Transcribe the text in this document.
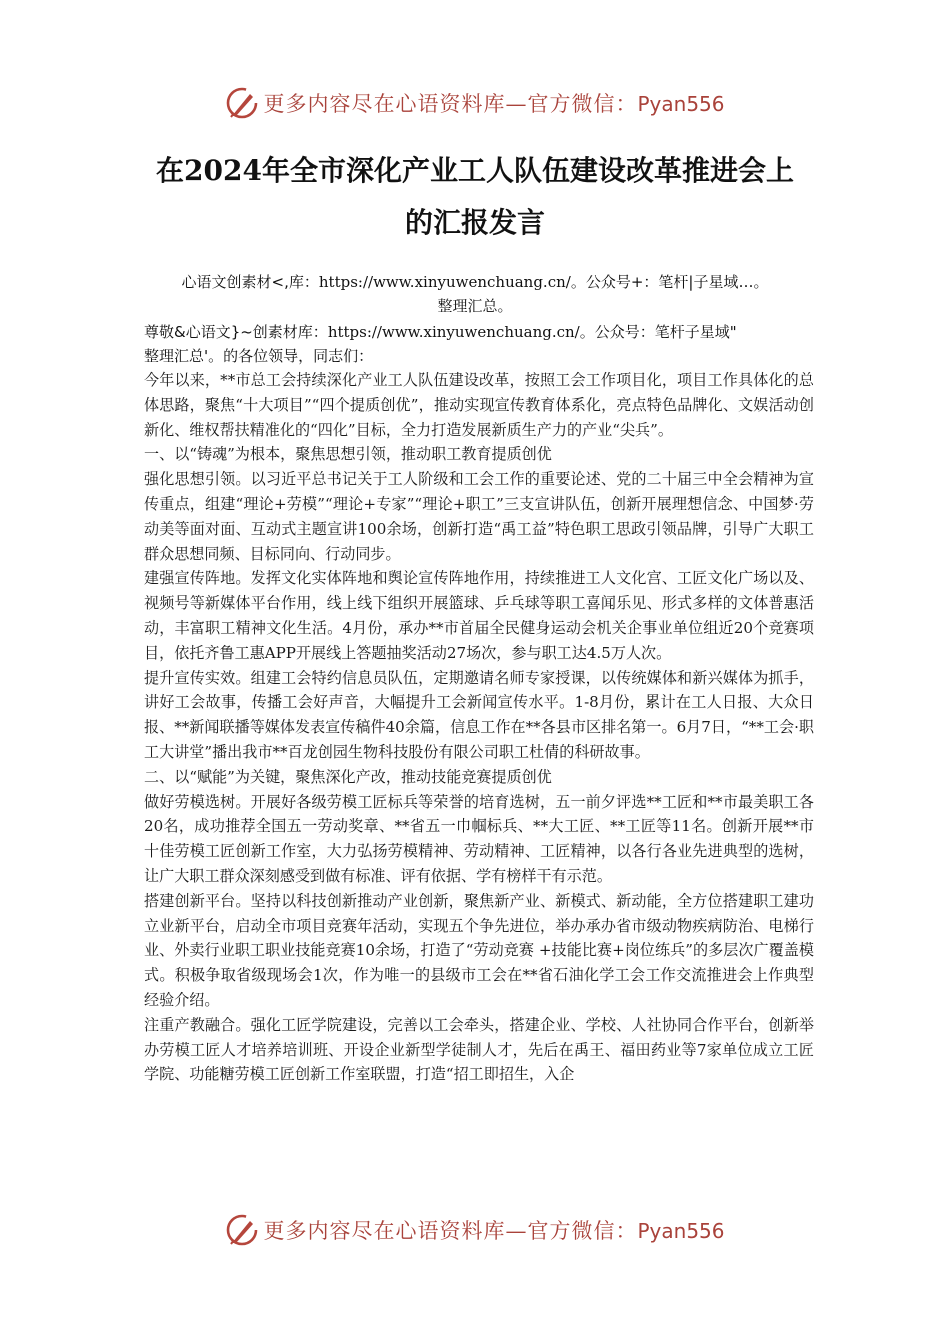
更多内容尽在心语资料库—官方微信：Pyan556
在2024年全市深化产业工人队伍建设改革推进会上
的汇报发言
心语文创素材<,库：https://www.xinyuwenchuang.cn/。公众号+：笔杆|子星域…。
整理汇总。
尊敬&心语文}~创素材库：https://www.xinyuwenchuang.cn/。公众号：笔杆子星域"
整理汇总'。的各位领导，同志们：

今年以来，**市总工会持续深化产业工人队伍建设改革，按照工会工作项目化，项目工作具体化的总体思路，聚焦“十大项目”“四个提质创优”，推动实现宣传教育体系化，亮点特色品牌化、文娱活动创新化、维权帮扶精准化的“四化”目标，全力打造发展新质生产力的产业“尖兵”。

一、以“铸魂”为根本，聚焦思想引领，推动职工教育提质创优

强化思想引领。以习近平总书记关于工人阶级和工会工作的重要论述、党的二十届三中全会精神为宣传重点，组建“理论+劳模”“理论+专家”“理论+职工”三支宣讲队伍，创新开展理想信念、中国梦·劳动美等面对面、互动式主题宣讲100余场，创新打造“禹工益”特色职工思政引领品牌，引导广大职工群众思想同频、目标同向、行动同步。

建强宣传阵地。发挥文化实体阵地和舆论宣传阵地作用，持续推进工人文化宫、工匠文化广场以及、视频号等新媒体平台作用，线上线下组织开展篮球、乒乓球等职工喜闻乐见、形式多样的文体普惠活动，丰富职工精神文化生活。4月份，承办**市首届全民健身运动会机关企事业单位组近20个竞赛项目，依托齐鲁工惠APP开展线上答题抽奖活动27场次，参与职工达4.5万人次。

提升宣传实效。组建工会特约信息员队伍，定期邀请名师专家授课，以传统媒体和新兴媒体为抓手，讲好工会故事，传播工会好声音，大幅提升工会新闻宣传水平。1-8月份，累计在工人日报、大众日报、**新闻联播等媒体发表宣传稿件40余篇，信息工作在**各县市区排名第一。6月7日，“**工会·职工大讲堂”播出我市**百龙创园生物科技股份有限公司职工杜倩的科研故事。

二、以“赋能”为关键，聚焦深化产改，推动技能竞赛提质创优

做好劳模选树。开展好各级劳模工匠标兵等荣誉的培育选树，五一前夕评选**工匠和**市最美职工各20名，成功推荐全国五一劳动奖章、**省五一巾帼标兵、**大工匠、**工匠等11名。创新开展**市十佳劳模工匠创新工作室，大力弘扬劳模精神、劳动精神、工匠精神，以各行各业先进典型的选树，让广大职工群众深刻感受到做有标准、评有依据、学有榜样干有示范。

搭建创新平台。坚持以科技创新推动产业创新，聚焦新产业、新模式、新动能，全方位搭建职工建功立业新平台，启动全市项目竞赛年活动，实现五个争先进位，举办承办省市级动物疾病防治、电梯行业、外卖行业职工职业技能竞赛10余场，打造了“劳动竞赛 +技能比赛+岗位练兵”的多层次广覆盖模式。积极争取省级现场会1次，作为唯一的县级市工会在**省石油化学工会工作交流推进会上作典型经验介绍。

注重产教融合。强化工匠学院建设，完善以工会牵头，搭建企业、学校、人社协同合作平台，创新举办劳模工匠人才培养培训班、开设企业新型学徒制人才，先后在禹王、福田药业等7家单位成立工匠学院、功能糖劳模工匠创新工作室联盟，打造“招工即招生，入企

更多内容尽在心语资料库—官方微信：Pyan556
